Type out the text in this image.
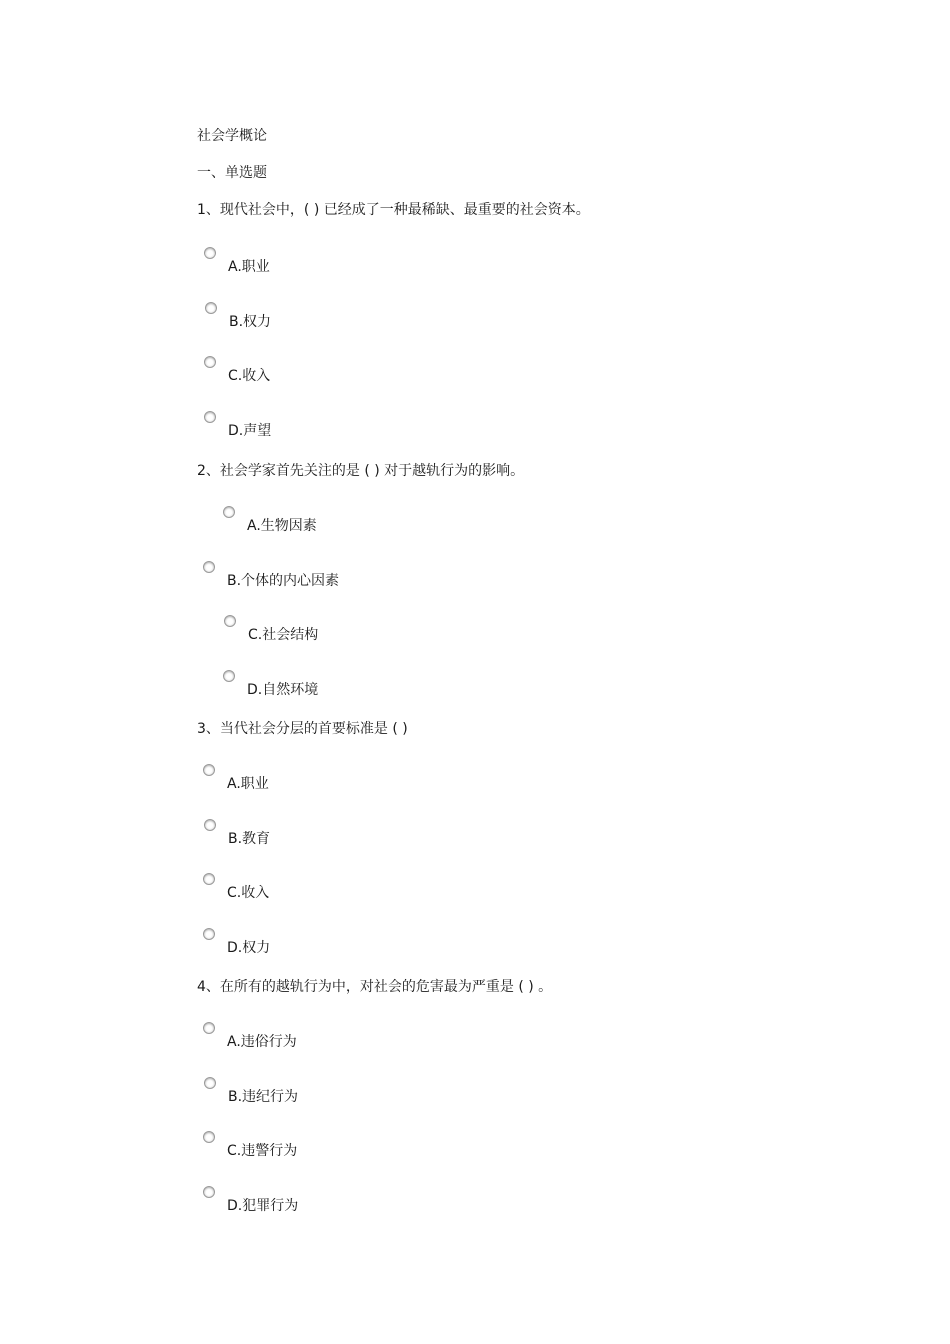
社会学概论
一、单选题
1、现代社会中，( ) 已经成了一种最稀缺、最重要的社会资本。
A.职业
B.权力
C.收入
D.声望
2、社会学家首先关注的是 ( ) 对于越轨行为的影响。
A.生物因素
B.个体的内心因素
C.社会结构
D.自然环境
3、当代社会分层的首要标准是 ( )
A.职业
B.教育
C.收入
D.权力
4、在所有的越轨行为中，对社会的危害最为严重是 ( ) 。
A.违俗行为
B.违纪行为
C.违警行为
D.犯罪行为
